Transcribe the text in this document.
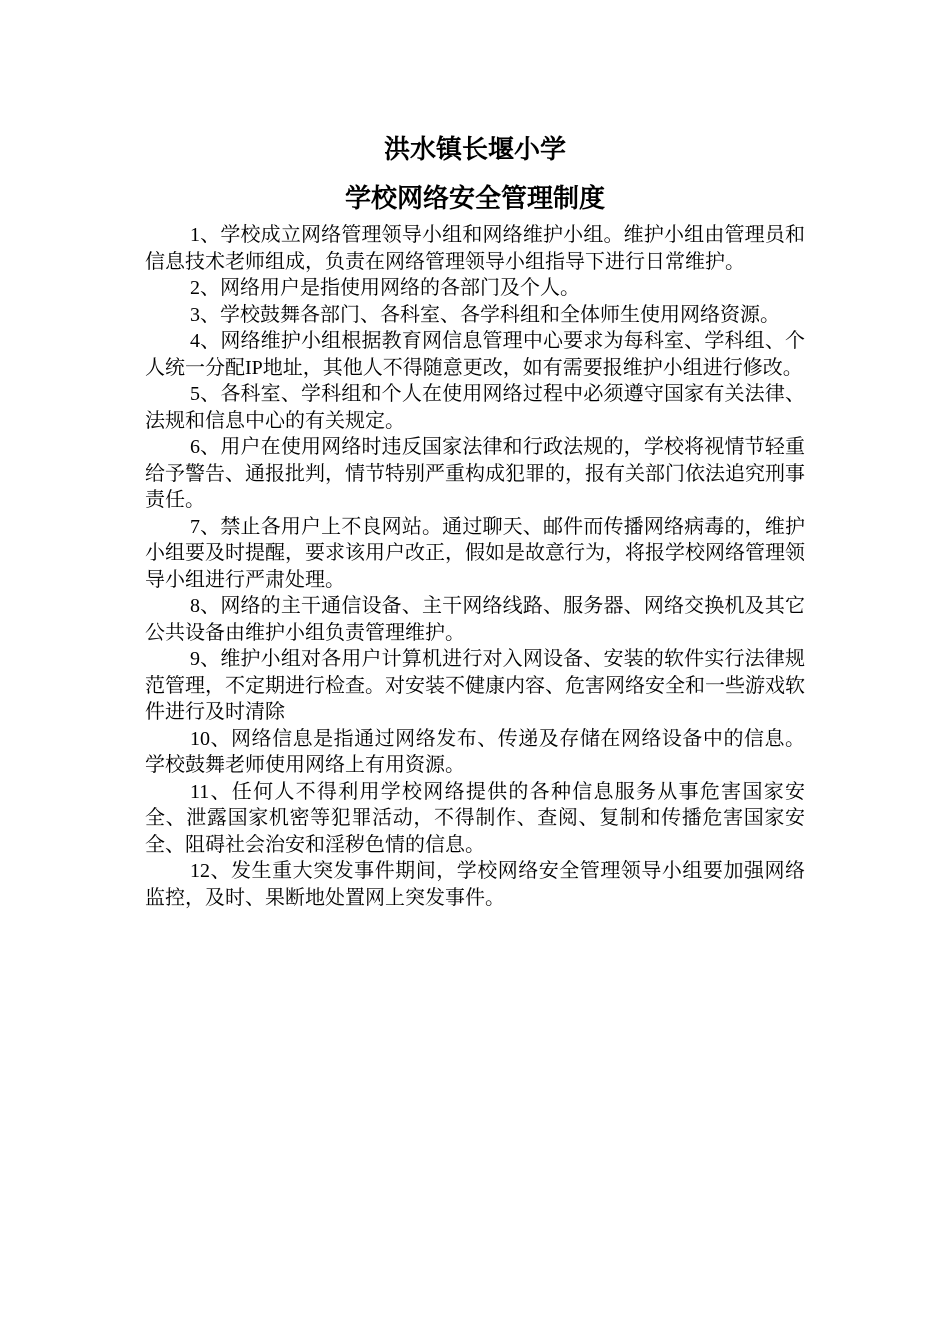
洪水镇长堰小学
学校网络安全管理制度

1、学校成立网络管理领导小组和网络维护小组。维护小组由管理员和信息技术老师组成，负责在网络管理领导小组指导下进行日常维护。

2、网络用户是指使用网络的各部门及个人。

3、学校鼓舞各部门、各科室、各学科组和全体师生使用网络资源。

4、网络维护小组根据教育网信息管理中心要求为每科室、学科组、个人统一分配IP地址，其他人不得随意更改，如有需要报维护小组进行修改。

5、各科室、学科组和个人在使用网络过程中必须遵守国家有关法律、法规和信息中心的有关规定。

6、用户在使用网络时违反国家法律和行政法规的，学校将视情节轻重给予警告、通报批判，情节特别严重构成犯罪的，报有关部门依法追究刑事责任。

7、禁止各用户上不良网站。通过聊天、邮件而传播网络病毒的，维护小组要及时提醒，要求该用户改正，假如是故意行为，将报学校网络管理领导小组进行严肃处理。

8、网络的主干通信设备、主干网络线路、服务器、网络交换机及其它公共设备由维护小组负责管理维护。

9、维护小组对各用户计算机进行对入网设备、安装的软件实行法律规范管理，不定期进行检查。对安装不健康内容、危害网络安全和一些游戏软件进行及时清除

10、网络信息是指通过网络发布、传递及存储在网络设备中的信息。学校鼓舞老师使用网络上有用资源。

11、任何人不得利用学校网络提供的各种信息服务从事危害国家安全、泄露国家机密等犯罪活动，不得制作、查阅、复制和传播危害国家安全、阻碍社会治安和淫秽色情的信息。

12、发生重大突发事件期间，学校网络安全管理领导小组要加强网络监控，及时、果断地处置网上突发事件。
